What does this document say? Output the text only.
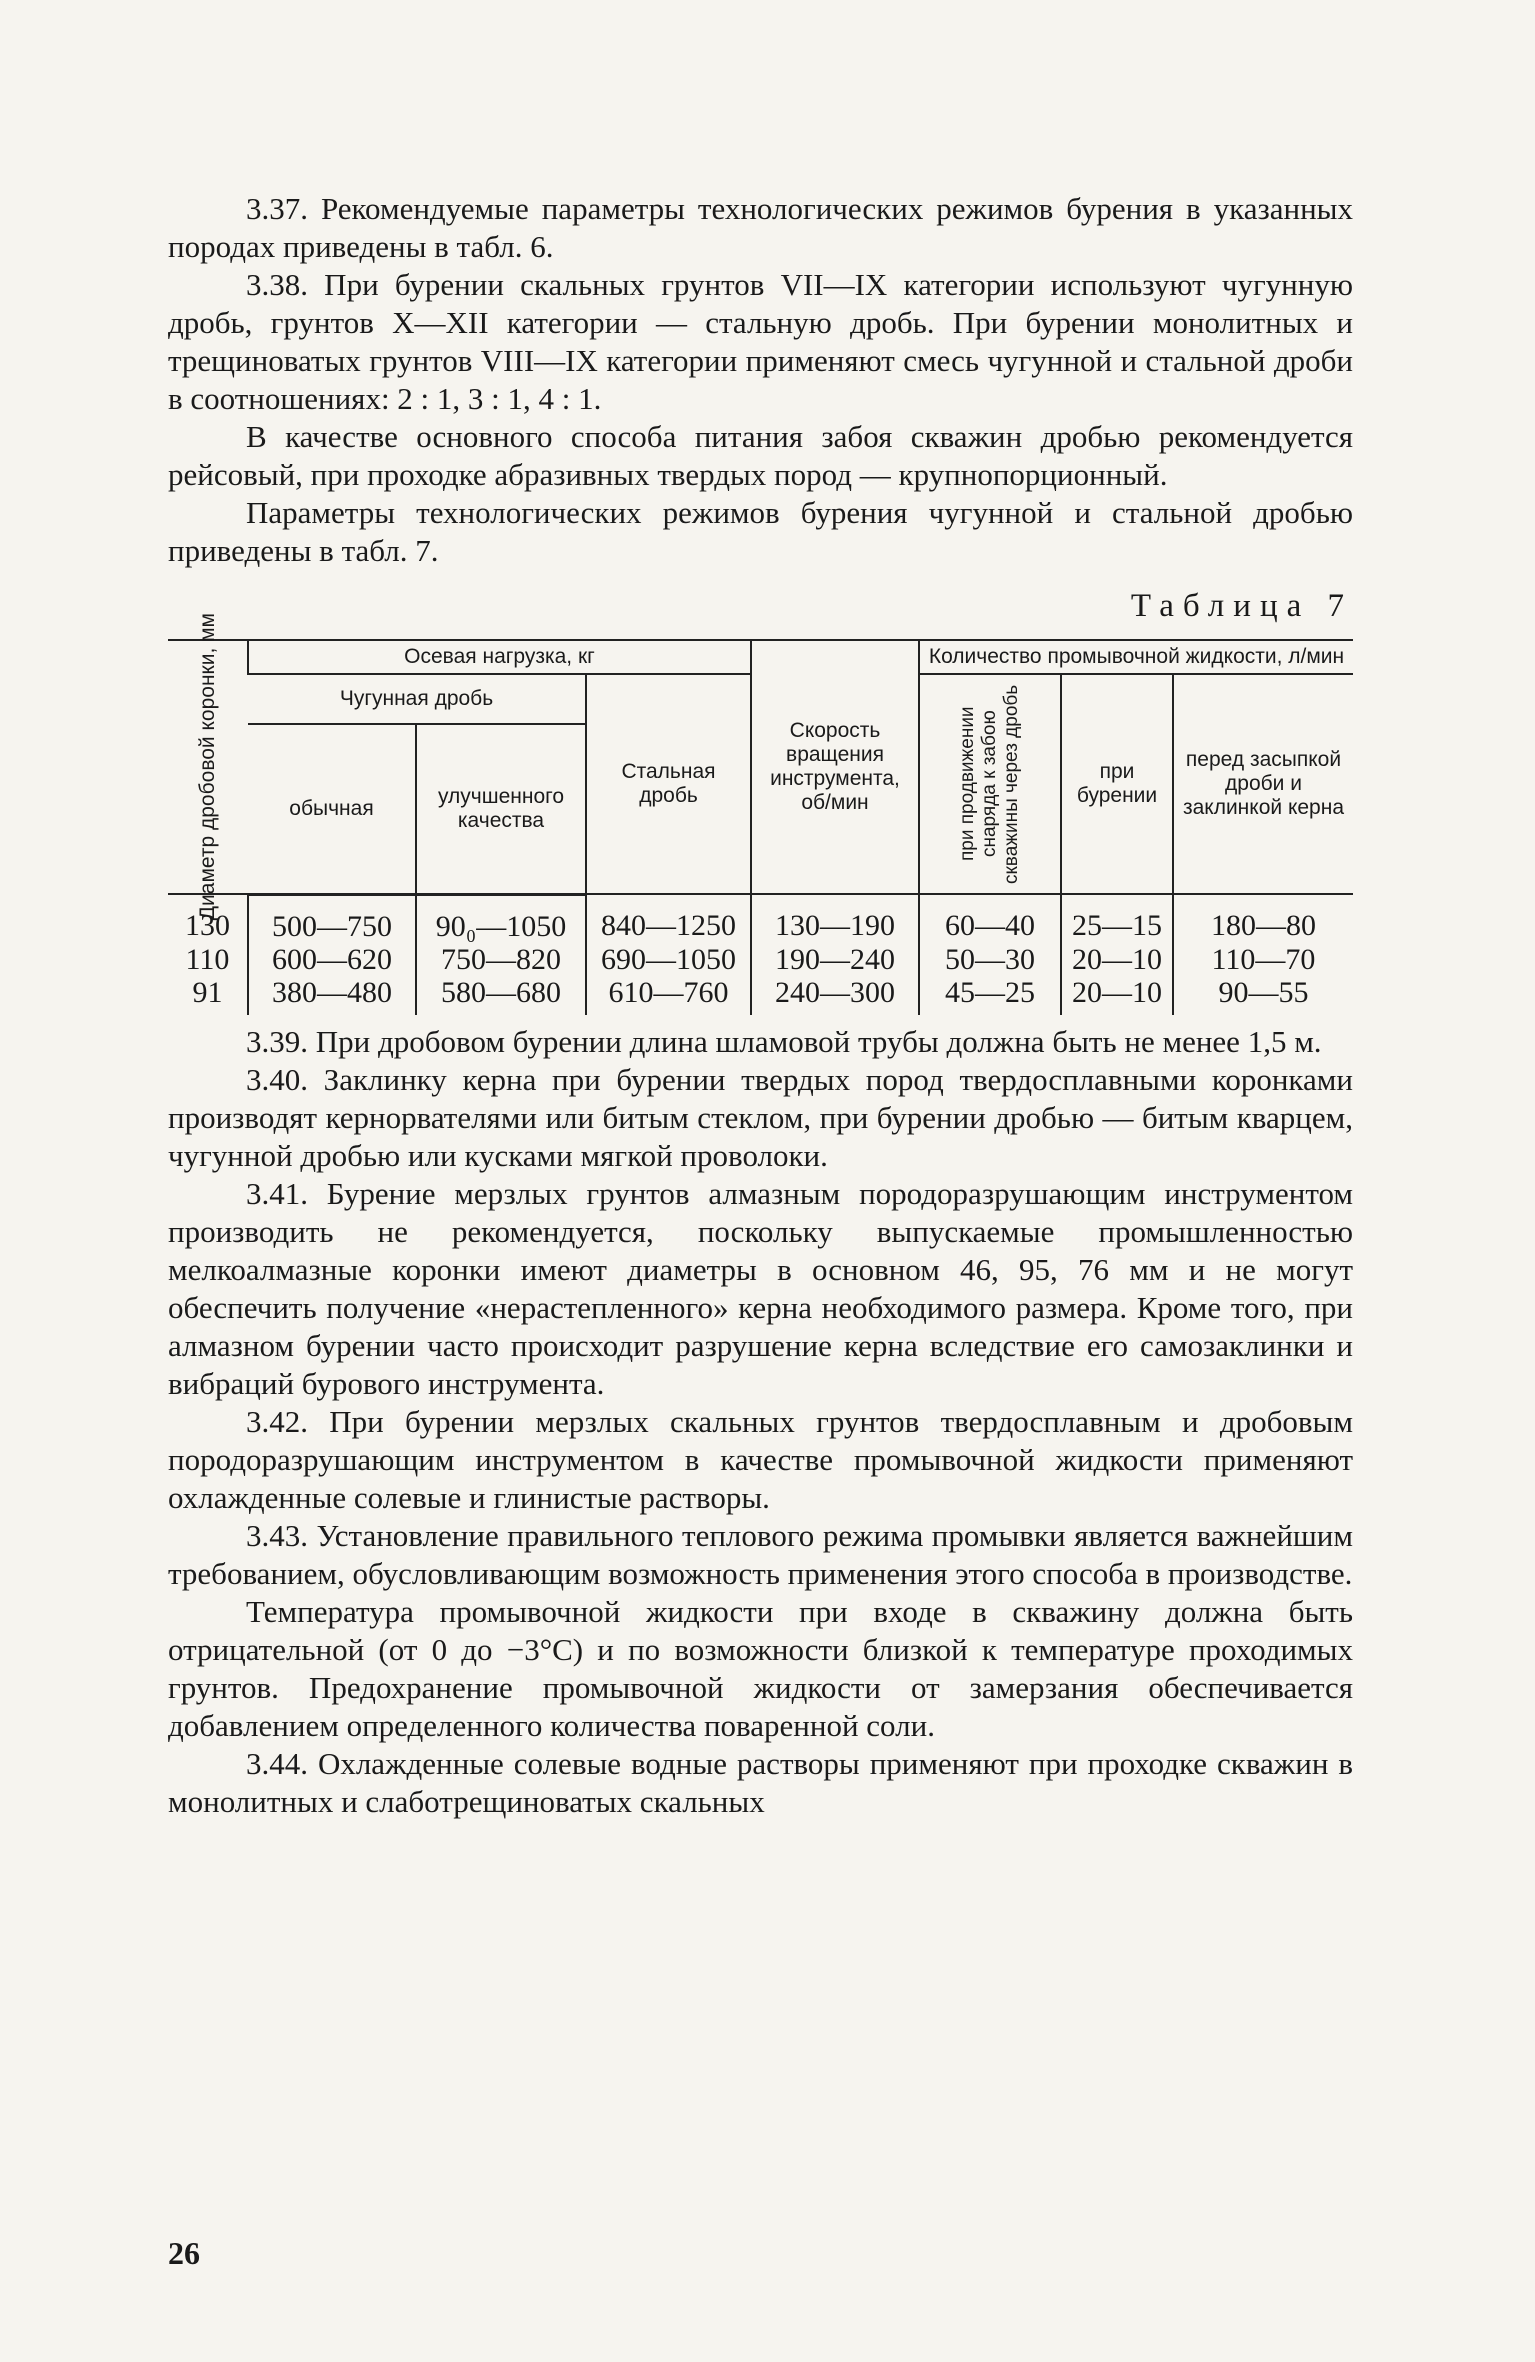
3.37. Рекомендуемые параметры технологических режимов бурения в указанных породах приведены в табл. 6.

3.38. При бурении скальных грунтов VII—IX категории используют чугунную дробь, грунтов X—XII категории — стальную дробь. При бурении монолитных и трещиноватых грунтов VIII—IX категории применяют смесь чугунной и стальной дроби в соотношениях: 2 : 1, 3 : 1, 4 : 1.

В качестве основного способа питания забоя скважин дробью рекомендуется рейсовый, при проходке абразивных твердых пород — крупнопорционный.

Параметры технологических режимов бурения чугунной и стальной дробью приведены в табл. 7.

Таблица 7
Диаметр дробовой коронки, мм	Осевая нагрузка, кг			Скорость вращения инструмента, об/мин	Количество промывочной жидкости, л/мин		
	Чугунная дробь		Стальная дробь		при продвижении снаряда к забою скважины через дробь	при бурении	перед засыпкой дроби и заклинкой керна
	обычная	улучшенного качества					
130	500—750	90₀—1050	840—1250	130—190	60—40	25—15	180—80
110	600—620	750—820	690—1050	190—240	50—30	20—10	110—70
91	380—480	580—680	610—760	240—300	45—25	20—10	90—55

3.39. При дробовом бурении длина шламовой трубы должна быть не менее 1,5 м.

3.40. Заклинку керна при бурении твердых пород твердосплавными коронками производят кернорвателями или битым стеклом, при бурении дробью — битым кварцем, чугунной дробью или кусками мягкой проволоки.

3.41. Бурение мерзлых грунтов алмазным породоразрушающим инструментом производить не рекомендуется, поскольку выпускаемые промышленностью мелкоалмазные коронки имеют диаметры в основном 46, 95, 76 мм и не могут обеспечить получение «нерастепленного» керна необходимого размера. Кроме того, при алмазном бурении часто происходит разрушение керна вследствие его самозаклинки и вибраций бурового инструмента.

3.42. При бурении мерзлых скальных грунтов твердосплавным и дробовым породоразрушающим инструментом в качестве промывочной жидкости применяют охлажденные солевые и глинистые растворы.

3.43. Установление правильного теплового режима промывки является важнейшим требованием, обусловливающим возможность применения этого способа в производстве.

Температура промывочной жидкости при входе в скважину должна быть отрицательной (от 0 до −3°С) и по возможности близкой к температуре проходимых грунтов. Предохранение промывочной жидкости от замерзания обеспечивается добавлением определенного количества поваренной соли.

3.44. Охлажденные солевые водные растворы применяют при проходке скважин в монолитных и слаботрещиноватых скальных

26
